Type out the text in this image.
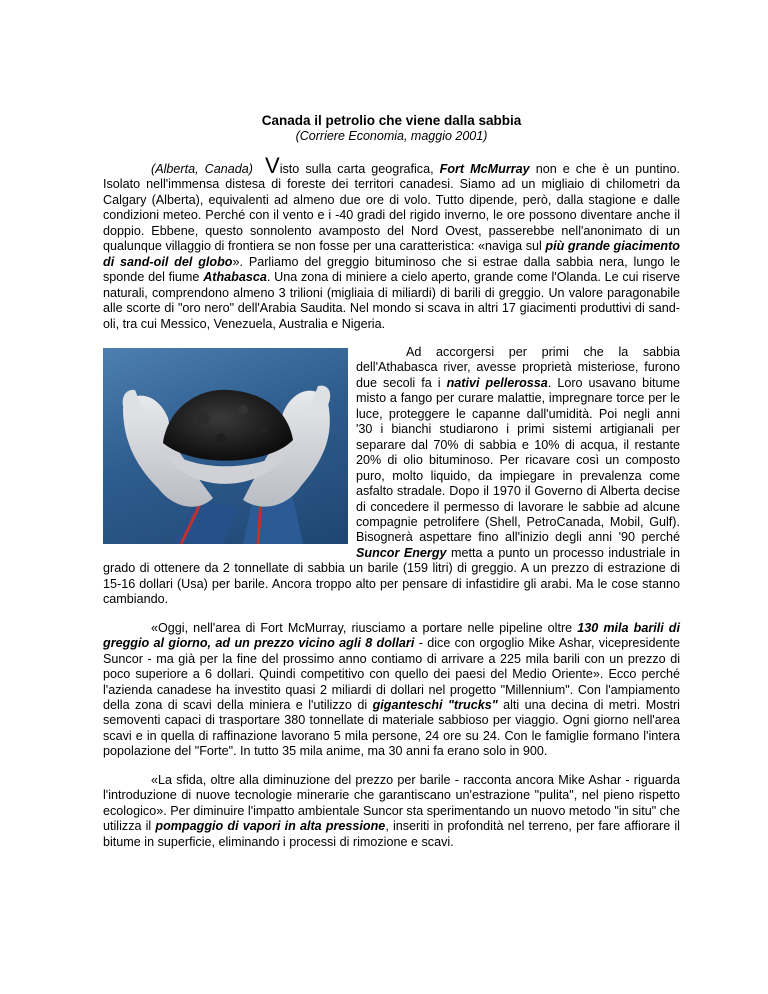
Canada il petrolio che viene dalla sabbia
(Corriere Economia, maggio 2001)

(Alberta, Canada) Visto sulla carta geografica, Fort McMurray non e che è un puntino. Isolato nell'immensa distesa di foreste dei territori canadesi. Siamo ad un migliaio di chilometri da Calgary (Alberta), equivalenti ad almeno due ore di volo. Tutto dipende, però, dalla stagione e dalle condizioni meteo. Perché con il vento e i -40 gradi del rigido inverno, le ore possono diventare anche il doppio. Ebbene, questo sonnolento avamposto del Nord Ovest, passerebbe nell'anonimato di un qualunque villaggio di frontiera se non fosse per una caratteristica: «naviga sul più grande giacimento di sand-oil del globo». Parliamo del greggio bituminoso che si estrae dalla sabbia nera, lungo le sponde del fiume Athabasca. Una zona di miniere a cielo aperto, grande come l'Olanda. Le cui riserve naturali, comprendono almeno 3 trilioni (migliaia di miliardi) di barili di greggio. Un valore paragonabile alle scorte di "oro nero" dell'Arabia Saudita. Nel mondo si scava in altri 17 giacimenti produttivi di sand-oli, tra cui Messico, Venezuela, Australia e Nigeria.

Ad accorgersi per primi che la sabbia dell'Athabasca river, avesse proprietà misteriose, furono due secoli fa i nativi pellerossa. Loro usavano bitume misto a fango per curare malattie, impregnare torce per le luce, proteggere le capanne dall'umidità. Poi negli anni '30 i bianchi studiarono i primi sistemi artigianali per separare dal 70% di sabbia e 10% di acqua, il restante 20% di olio bituminoso. Per ricavare così un composto puro, molto liquido, da impiegare in prevalenza come asfalto stradale. Dopo il 1970 il Governo di Alberta decise di concedere il permesso di lavorare le sabbie ad alcune compagnie petrolifere (Shell, PetroCanada, Mobil, Gulf). Bisognerà aspettare fino all'inizio degli anni '90 perché Suncor Energy metta a punto un processo industriale in grado di ottenere da 2 tonnellate di sabbia un barile (159 litri) di greggio. A un prezzo di estrazione di 15-16 dollari (Usa) per barile. Ancora troppo alto per pensare di infastidire gli arabi. Ma le cose stanno cambiando.

«Oggi, nell'area di Fort McMurray, riusciamo a portare nelle pipeline oltre 130 mila barili di greggio al giorno, ad un prezzo vicino agli 8 dollari - dice con orgoglio Mike Ashar, vicepresidente Suncor - ma già per la fine del prossimo anno contiamo di arrivare a 225 mila barili con un prezzo di poco superiore a 6 dollari. Quindi competitivo con quello dei paesi del Medio Oriente». Ecco perché l'azienda canadese ha investito quasi 2 miliardi di dollari nel progetto "Millennium". Con l'ampiamento della zona di scavi della miniera e l'utilizzo di giganteschi "trucks" alti una decina di metri. Mostri semoventi capaci di trasportare 380 tonnellate di materiale sabbioso per viaggio. Ogni giorno nell'area scavi e in quella di raffinazione lavorano 5 mila persone, 24 ore su 24. Con le famiglie formano l'intera popolazione del "Forte". In tutto 35 mila anime, ma 30 anni fa erano solo in 900.

«La sfida, oltre alla diminuzione del prezzo per barile - racconta ancora Mike Ashar - riguarda l'introduzione di nuove tecnologie minerarie che garantiscano un'estrazione "pulita", nel pieno rispetto ecologico». Per diminuire l'impatto ambientale Suncor sta sperimentando un nuovo metodo "in situ" che utilizza il pompaggio di vapori in alta pressione, inseriti in profondità nel terreno, per fare affiorare il bitume in superficie, eliminando i processi di rimozione e scavi.
